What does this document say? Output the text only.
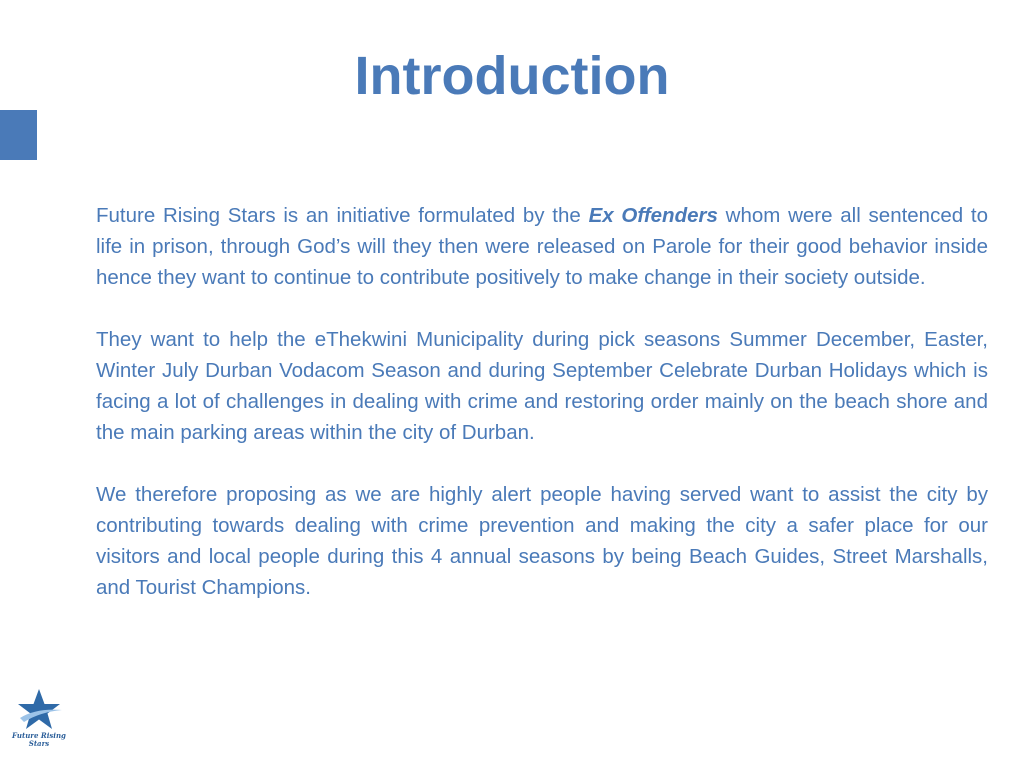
Introduction

Future Rising Stars is an initiative formulated by the Ex Offenders whom were all sentenced to life in prison, through God’s will they then were released on Parole for their good behavior inside hence they want to continue to contribute positively to make change in their society outside.

They want to help the eThekwini Municipality during pick seasons Summer December, Easter, Winter July Durban Vodacom Season and during September Celebrate Durban Holidays which is facing a lot of challenges in dealing with crime and restoring order mainly on the beach shore and the main parking areas within the city of Durban.

We therefore proposing as we are highly alert people having served want to assist the city by contributing towards dealing with crime prevention and making the city a safer place for our visitors and local people during this 4 annual seasons by being Beach Guides, Street Marshalls, and Tourist Champions.

Future Rising
Stars
